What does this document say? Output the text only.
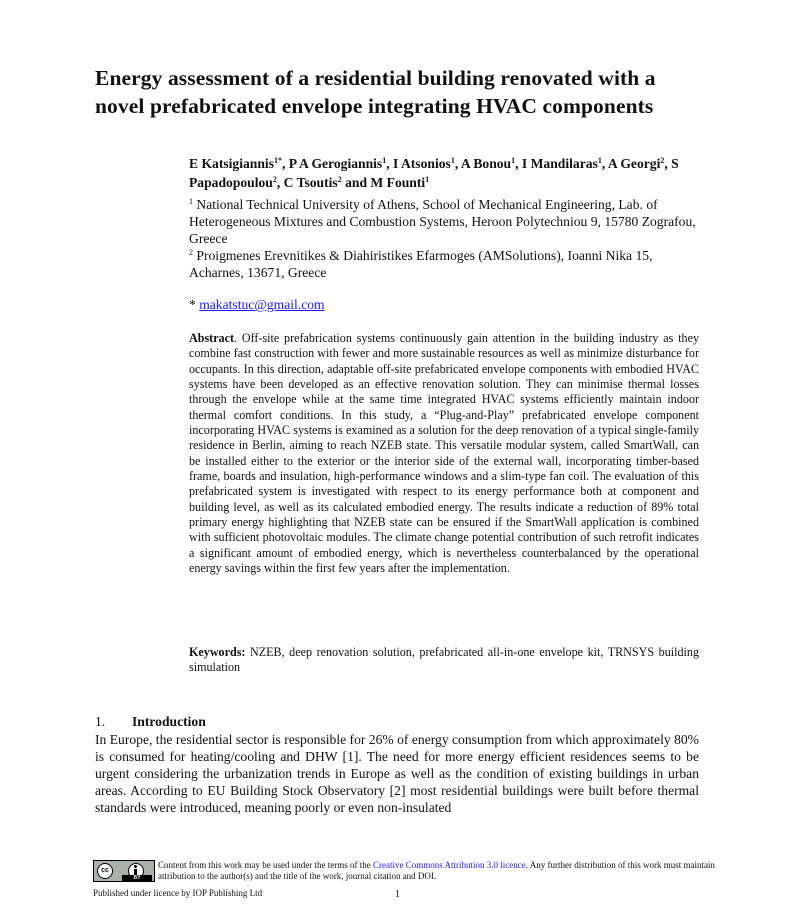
Energy assessment of a residential building renovated with a
novel prefabricated envelope integrating HVAC components
E Katsigiannis$^{1*}$, P A Gerogiannis$^1$, I Atsonios$^1$, A Bonou$^1$, I Mandilaras$^1$, A Georgi$^2$, S Papadopoulou$^2$, C Tsoutis$^2$ and M Founti$^1$

$^1$ National Technical University of Athens, School of Mechanical Engineering, Lab. of Heterogeneous Mixtures and Combustion Systems, Heroon Polytechniou 9, 15780 Zografou, Greece

$^2$ Proigmenes Erevnitikes & Diahiristikes Efarmoges (AMSolutions), Ioanni Nika 15, Acharnes, 13671, Greece

* makatstuc@gmail.com
Abstract. Off-site prefabrication systems continuously gain attention in the building industry as they combine fast construction with fewer and more sustainable resources as well as minimize disturbance for occupants. In this direction, adaptable off-site prefabricated envelope components with embodied HVAC systems have been developed as an effective renovation solution. They can minimise thermal losses through the envelope while at the same time integrated HVAC systems efficiently maintain indoor thermal comfort conditions. In this study, a “Plug-and-Play” prefabricated envelope component incorporating HVAC systems is examined as a solution for the deep renovation of a typical single-family residence in Berlin, aiming to reach NZEB state. This versatile modular system, called SmartWall, can be installed either to the exterior or the interior side of the external wall, incorporating timber-based frame, boards and insulation, high-performance windows and a slim-type fan coil. The evaluation of this prefabricated system is investigated with respect to its energy performance both at component and building level, as well as its calculated embodied energy. The results indicate a reduction of 89% total primary energy highlighting that NZEB state can be ensured if the SmartWall application is combined with sufficient photovoltaic modules. The climate change potential contribution of such retrofit indicates a significant amount of embodied energy, which is nevertheless counterbalanced by the operational energy savings within the first few years after the implementation.
Keywords: NZEB, deep renovation solution, prefabricated all-in-one envelope kit, TRNSYS building simulation
1. Introduction
In Europe, the residential sector is responsible for 26% of energy consumption from which approximately 80% is consumed for heating/cooling and DHW [1]. The need for more energy efficient residences seems to be urgent considering the urbanization trends in Europe as well as the condition of existing buildings in urban areas. According to EU Building Stock Observatory [2] most residential buildings were built before thermal standards were introduced, meaning poorly or even non-insulated
cc
BY
Content from this work may be used under the terms of the Creative Commons Attribution 3.0 licence. Any further distribution of this work must maintain attribution to the author(s) and the title of the work, journal citation and DOI.
Published under licence by IOP Publishing Ltd	1
